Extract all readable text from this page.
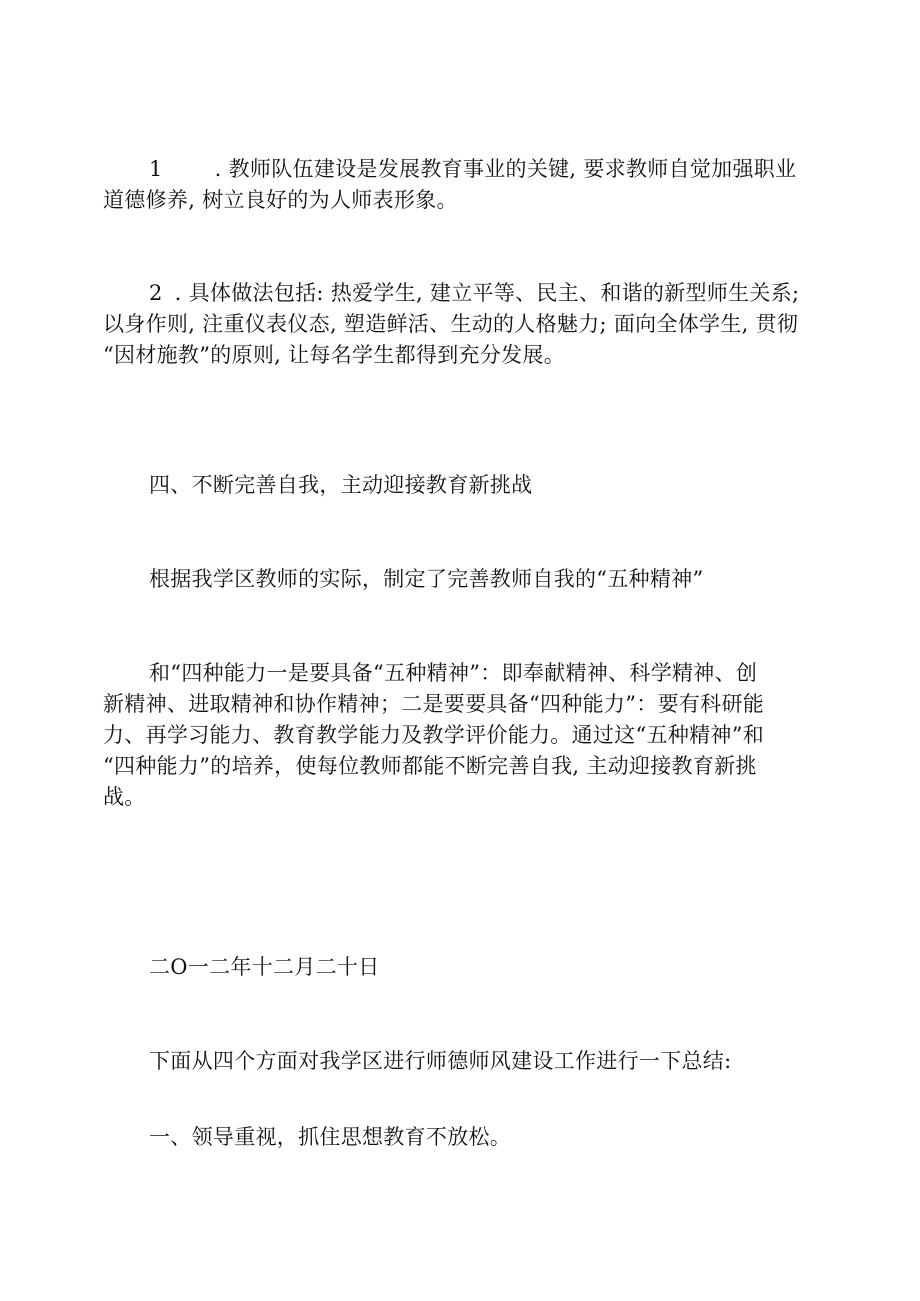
1 . 教师队伍建设是发展教育事业的关键, 要求教师自觉加强职业
道德修养, 树立良好的为人师表形象。
2 . 具体做法包括: 热爱学生, 建立平等、民主、和谐的新型师生关系;
以身作则, 注重仪表仪态, 塑造鲜活、生动的人格魅力; 面向全体学生, 贯彻
“因材施教”的原则, 让每名学生都得到充分发展。
四、不断完善自我，主动迎接教育新挑战
根据我学区教师的实际，制定了完善教师自我的“五种精神”
和“四种能力一是要具备“五种精神”：即奉献精神、科学精神、创
新精神、进取精神和协作精神；二是要要具备“四种能力”：要有科研能
力、再学习能力、教育教学能力及教学评价能力。通过这“五种精神”和
“四种能力”的培养，使每位教师都能不断完善自我, 主动迎接教育新挑
战。
二O一二年十二月二十日
下面从四个方面对我学区进行师德师风建设工作进行一下总结:
一、领导重视，抓住思想教育不放松。
